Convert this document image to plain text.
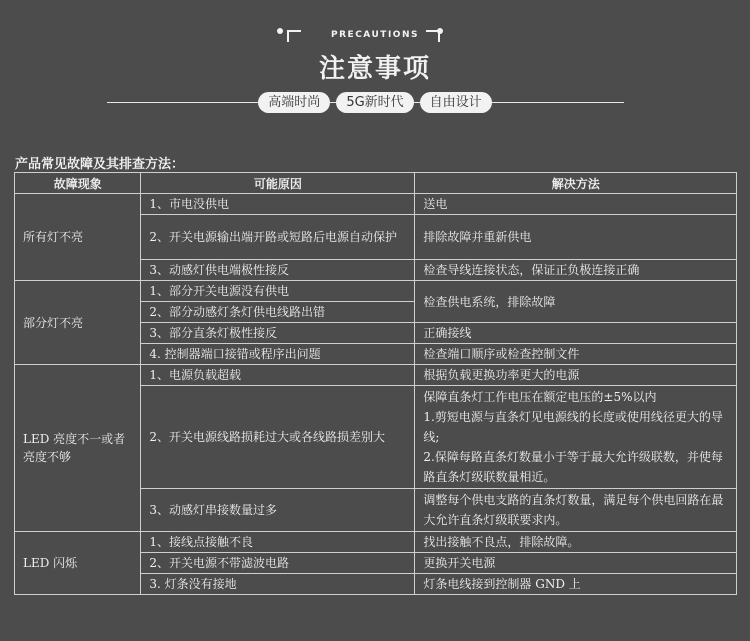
PRECAUTIONS
注意事项
高端时尚	5G新时代	自由设计
产品常见故障及其排查方法：
故障现象	可能原因	解决方法
所有灯不亮	1、市电没供电	送电
	2、开关电源输出端开路或短路后电源自动保护	排除故障并重新供电
	3、动感灯供电端极性接反	检查导线连接状态，保证正负极连接正确
部分灯不亮	1、部分开关电源没有供电	检查供电系统，排除故障
	2、部分动感灯条灯供电线路出错	
	3、部分直条灯极性接反	正确接线
	4. 控制器端口接错或程序出问题	检查端口顺序或检查控制文件
LED 亮度不一或者亮度不够	1、电源负载超载	根据负载更换功率更大的电源
	2、开关电源线路损耗过大或各线路损差别大	保障直条灯工作电压在额定电压的±5%以内
1.剪短电源与直条灯见电源线的长度或使用线径更大的导线;
2.保障每路直条灯数量小于等于最大允许级联数，并使每路直条灯级联数量相近。

	3、动感灯串接数量过多	调整每个供电支路的直条灯数量，满足每个供电回路在最大允许直条灯级联要求内。
LED 闪烁	1、接线点接触不良	找出接触不良点，排除故障。
	2、开关电源不带滤波电路	更换开关电源
	3. 灯条没有接地	灯条电线接到控制器 GND 上
